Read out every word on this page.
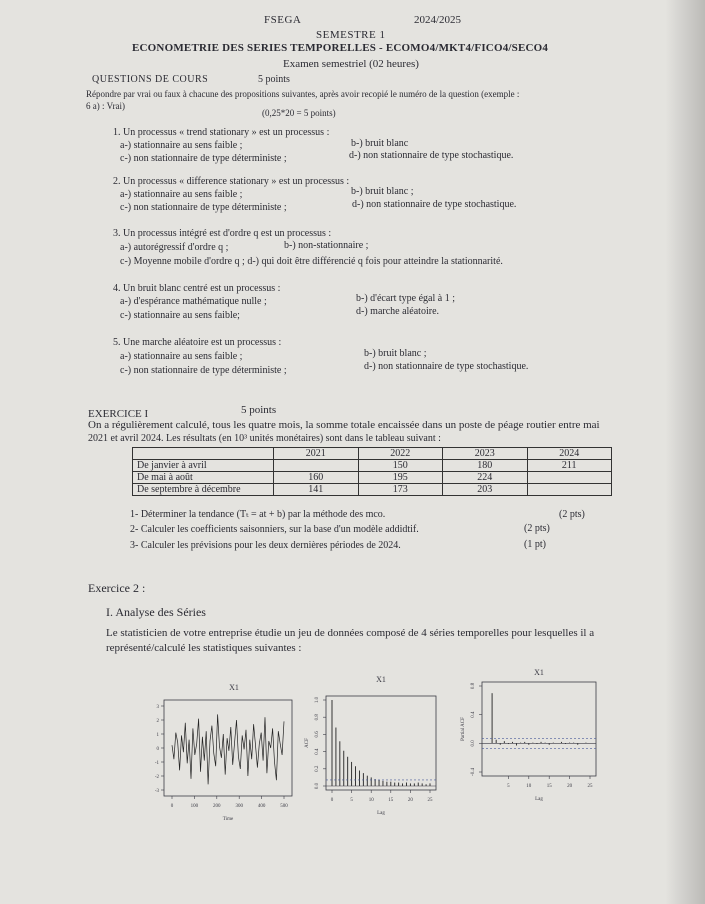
FSEGA	2024/2025
SEMESTRE 1
ECONOMETRIE DES SERIES TEMPORELLES - ECOMO4/MKT4/FICO4/SECO4
Examen semestriel (02 heures)
QUESTIONS DE COURS	5 points
Répondre par vrai ou faux à chacune des propositions suivantes, après avoir recopié le numéro de la question (exemple :
6 a) : Vrai)
(0,25*20 = 5 points)
1. Un processus « trend stationary » est un processus :
a-) stationnaire au sens faible ;	b-) bruit blanc
c-) non stationnaire de type déterministe ;	d-) non stationnaire de type stochastique.
2. Un processus « difference stationary » est un processus :
a-) stationnaire au sens faible ;	b-) bruit blanc ;
c-) non stationnaire de type déterministe ;	d-) non stationnaire de type stochastique.
3. Un processus intégré est d'ordre q est un processus :
a-) autorégressif d'ordre q ;	b-) non-stationnaire ;
c-) Moyenne mobile d'ordre q ; d-) qui doit être différencié q fois pour atteindre la stationnarité.
4. Un bruit blanc centré est un processus :
a-) d'espérance mathématique nulle ;	b-) d'écart type égal à 1 ;
c-) stationnaire au sens faible;	d-) marche aléatoire.
5. Une marche aléatoire est un processus :
a-) stationnaire au sens faible ;	b-) bruit blanc ;
c-) non stationnaire de type déterministe ;	d-) non stationnaire de type stochastique.
EXERCICE I	5 points
On a régulièrement calculé, tous les quatre mois, la somme totale encaissée dans un poste de péage routier entre mai
2021 et avril 2024. Les résultats (en 10³ unités monétaires) sont dans le tableau suivant :
	2021	2022	2023	2024
De janvier à avril		150	180	211
De mai à août	160	195	224	
De septembre à décembre	141	173	203	
1- Déterminer la tendance (Tₜ = at + b) par la méthode des mco.	(2 pts)
2- Calculer les coefficients saisonniers, sur la base d'un modèle addidtif.	(2 pts)
3- Calculer les prévisions pour les deux dernières périodes de 2024.	(1 pt)
Exercice 2 :
I. Analyse des Séries
Le statisticien de votre entreprise étudie un jeu de données composé de 4 séries temporelles pour lesquelles il a
représenté/calculé les statistiques suivantes :
X1
-3
-2
-1
0
1
2
3
0	100	200	300	400	500
Time
X1
0.0
0.2
0.4
0.6
0.8
1.0
ACF
0	5	10	15	20	25
Lag
X1
-0.4
0.0
0.4
0.8
Partial ACF
5	10	15	20	25
Lag
